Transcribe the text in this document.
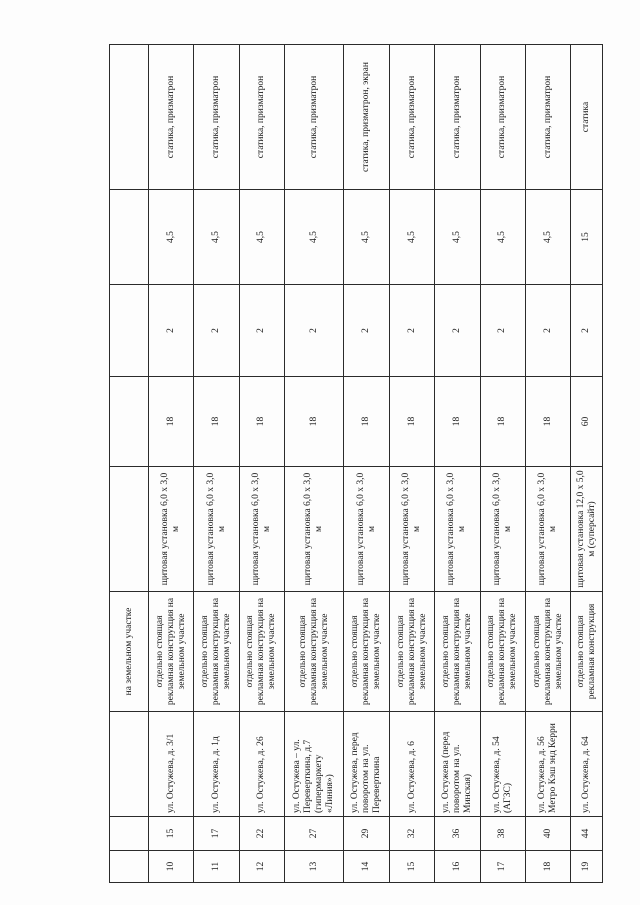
			на земельном участке					
10	15	ул. Остужева, д. 3/1	отдельно стоящая рекламная конструкция на земельном участке	щитовая установка 6,0 х 3,0 м	18	2	4,5	статика, призматрон
11	17	ул. Остужева, д. 1д	отдельно стоящая рекламная конструкция на земельном участке	щитовая установка 6,0 х 3,0 м	18	2	4,5	статика, призматрон
12	22	ул. Остужева, д. 26	отдельно стоящая рекламная конструкция на земельном участке	щитовая установка 6,0 х 3,0 м	18	2	4,5	статика, призматрон
13	27	ул. Остужева – ул. Переверткина, д.7 (гипермаркету «Линия»)	отдельно стоящая рекламная конструкция на земельном участке	щитовая установка 6,0 х 3,0 м	18	2	4,5	статика, призматрон
14	29	ул. Остужева, перед поворотом на ул. Переверткина	отдельно стоящая рекламная конструкция на земельном участке	щитовая установка 6,0 х 3,0 м	18	2	4,5	статика, призматрон, экран
15	32	ул. Остужева, д. 6	отдельно стоящая рекламная конструкция на земельном участке	щитовая установка 6,0 х 3,0 м	18	2	4,5	статика, призматрон
16	36	ул. Остужева (перед поворотом на ул. Минская)	отдельно стоящая рекламная конструкция на земельном участке	щитовая установка 6,0 х 3,0 м	18	2	4,5	статика, призматрон
17	38	ул. Остужева, д. 54 (АГЗС)	отдельно стоящая рекламная конструкция на земельном участке	щитовая установка 6,0 х 3,0 м	18	2	4,5	статика, призматрон
18	40	ул. Остужева, д. 56 Метро Кэш энд Керри	отдельно стоящая рекламная конструкция на земельном участке	щитовая установка 6,0 х 3,0 м	18	2	4,5	статика, призматрон
19	44	ул. Остужева, д. 64	отдельно стоящая рекламная конструкция	щитовая установка 12,0 х 5,0 м (суперсайт)	60	2	15	статика
